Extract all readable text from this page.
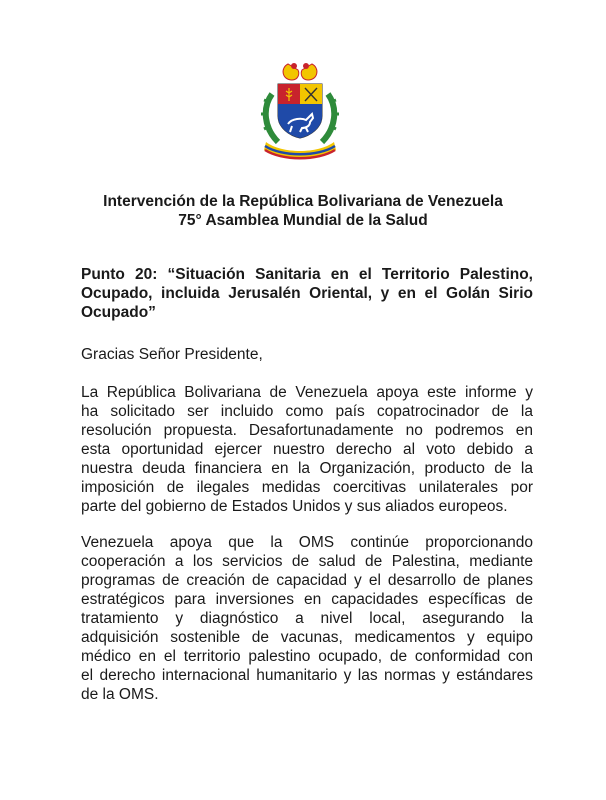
Intervención de la República Bolivariana de Venezuela
75° Asamblea Mundial de la Salud
Punto 20: “Situación Sanitaria en el Territorio Palestino,
Ocupado, incluida Jerusalén Oriental, y en el Golán Sirio
Ocupado”
Gracias Señor Presidente,
La República Bolivariana de Venezuela apoya este informe y
ha solicitado ser incluido como país copatrocinador de la
resolución propuesta. Desafortunadamente no podremos en
esta oportunidad ejercer nuestro derecho al voto debido a
nuestra deuda financiera en la Organización, producto de la
imposición de ilegales medidas coercitivas unilaterales por
parte del gobierno de Estados Unidos y sus aliados europeos.
Venezuela apoya que la OMS continúe proporcionando
cooperación a los servicios de salud de Palestina, mediante
programas de creación de capacidad y el desarrollo de planes
estratégicos para inversiones en capacidades específicas de
tratamiento y diagnóstico a nivel local, asegurando la
adquisición sostenible de vacunas, medicamentos y equipo
médico en el territorio palestino ocupado, de conformidad con
el derecho internacional humanitario y las normas y estándares
de la OMS.
